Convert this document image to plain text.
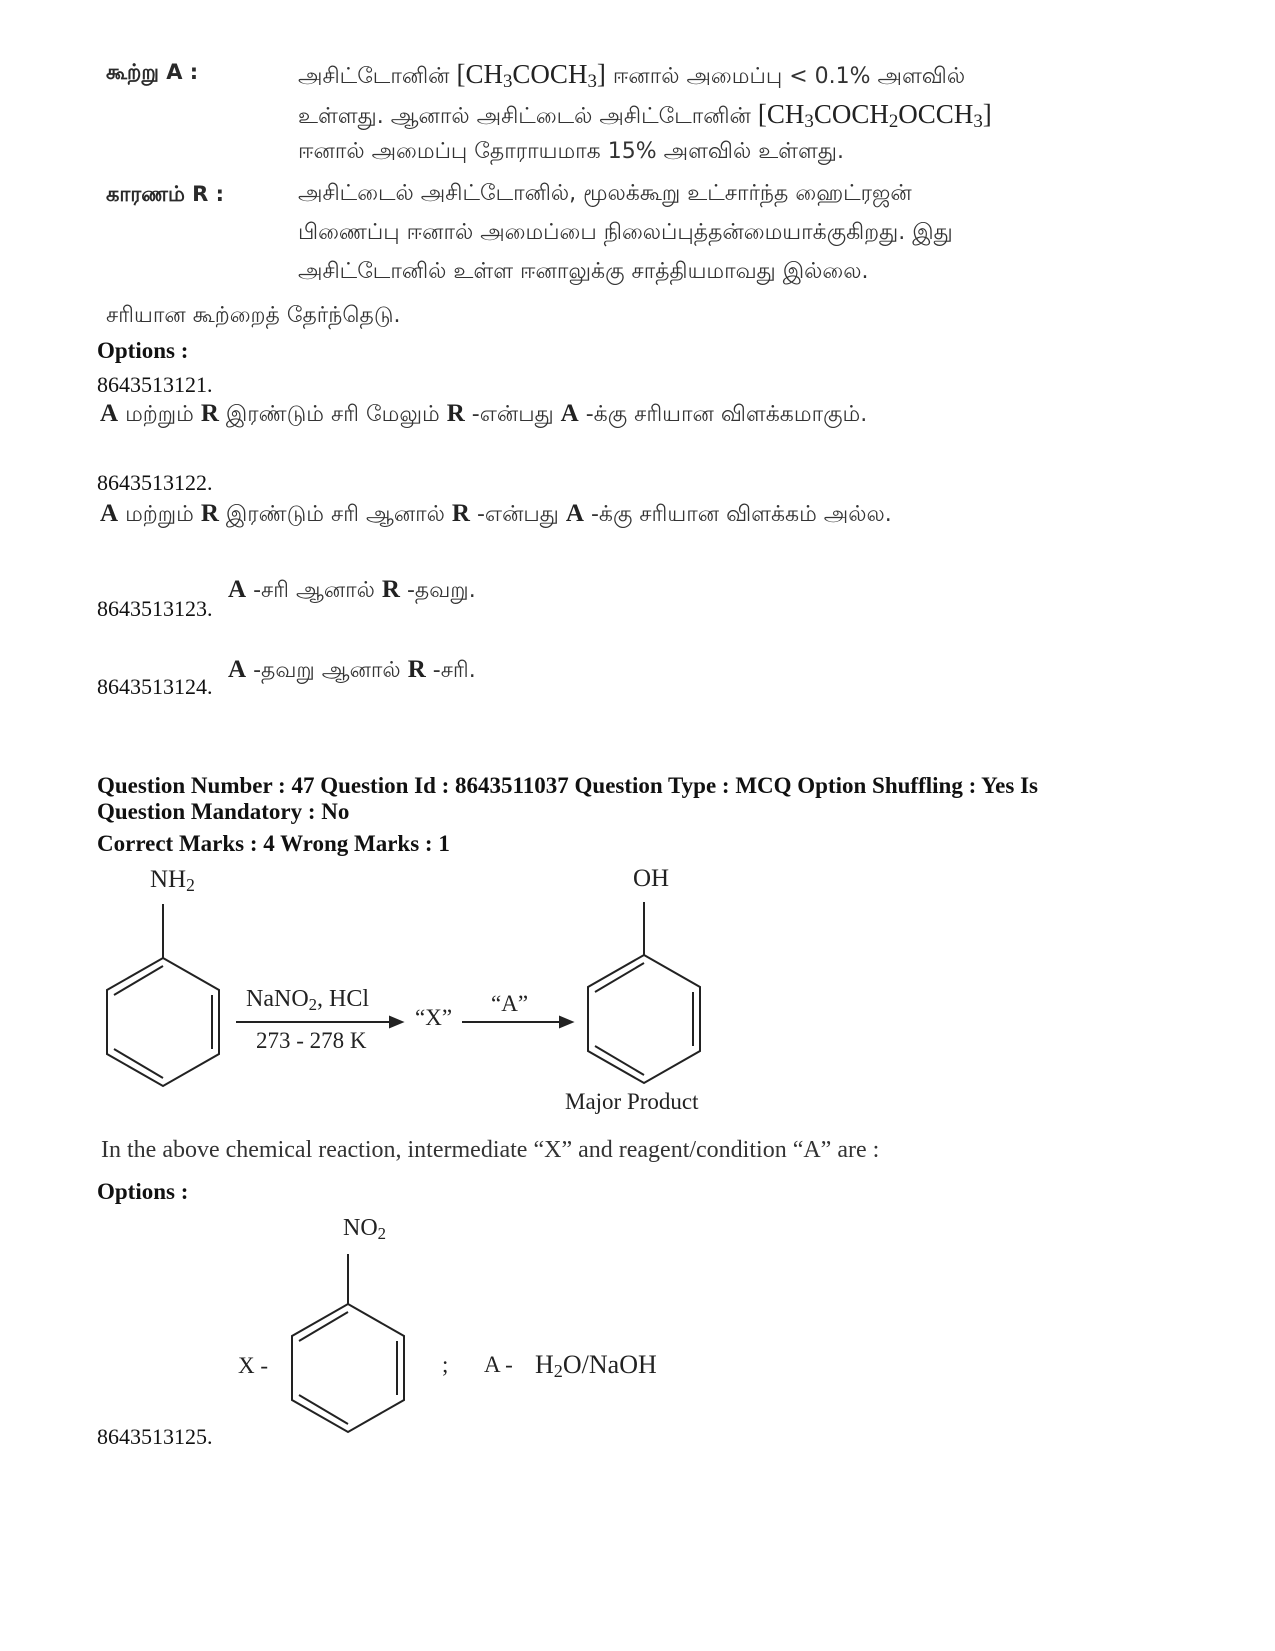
கூற்று A :	அசிட்டோனின் $[CH_3COCH_3]$ ஈனால் அமைப்பு < 0.1% அளவில்
உள்ளது. ஆனால் அசிட்டைல் அசிட்டோனின் $[CH_3COCH_2OCCH_3]$
ஈனால் அமைப்பு தோராயமாக 15% அளவில் உள்ளது.
காரணம் R :	அசிட்டைல் அசிட்டோனில், மூலக்கூறு உட்சார்ந்த ஹைட்ரஜன்
பிணைப்பு ஈனால் அமைப்பை நிலைப்புத்தன்மையாக்குகிறது. இது
அசிட்டோனில் உள்ள ஈனாலுக்கு சாத்தியமாவது இல்லை.
சரியான கூற்றைத் தேர்ந்தெடு.
Options :
8643513121.
A மற்றும் R இரண்டும் சரி மேலும் R -என்பது A -க்கு சரியான விளக்கமாகும்.
8643513122.
A மற்றும் R இரண்டும் சரி ஆனால் R -என்பது A -க்கு சரியான விளக்கம் அல்ல.
8643513123.
A -சரி ஆனால் R -தவறு.
8643513124.
A -தவறு ஆனால் R -சரி.
Question Number : 47 Question Id : 8643511037 Question Type : MCQ Option Shuffling : Yes Is
Question Mandatory : No
Correct Marks : 4 Wrong Marks : 1
$NH_2$
NaNO$_2$, HCl
273 - 278 K
“X”
“A”
OH
Major Product
In the above chemical reaction, intermediate “X” and reagent/condition “A” are :
Options :
X -
$NO_2$
; A - $H_2O$/NaOH
8643513125.
